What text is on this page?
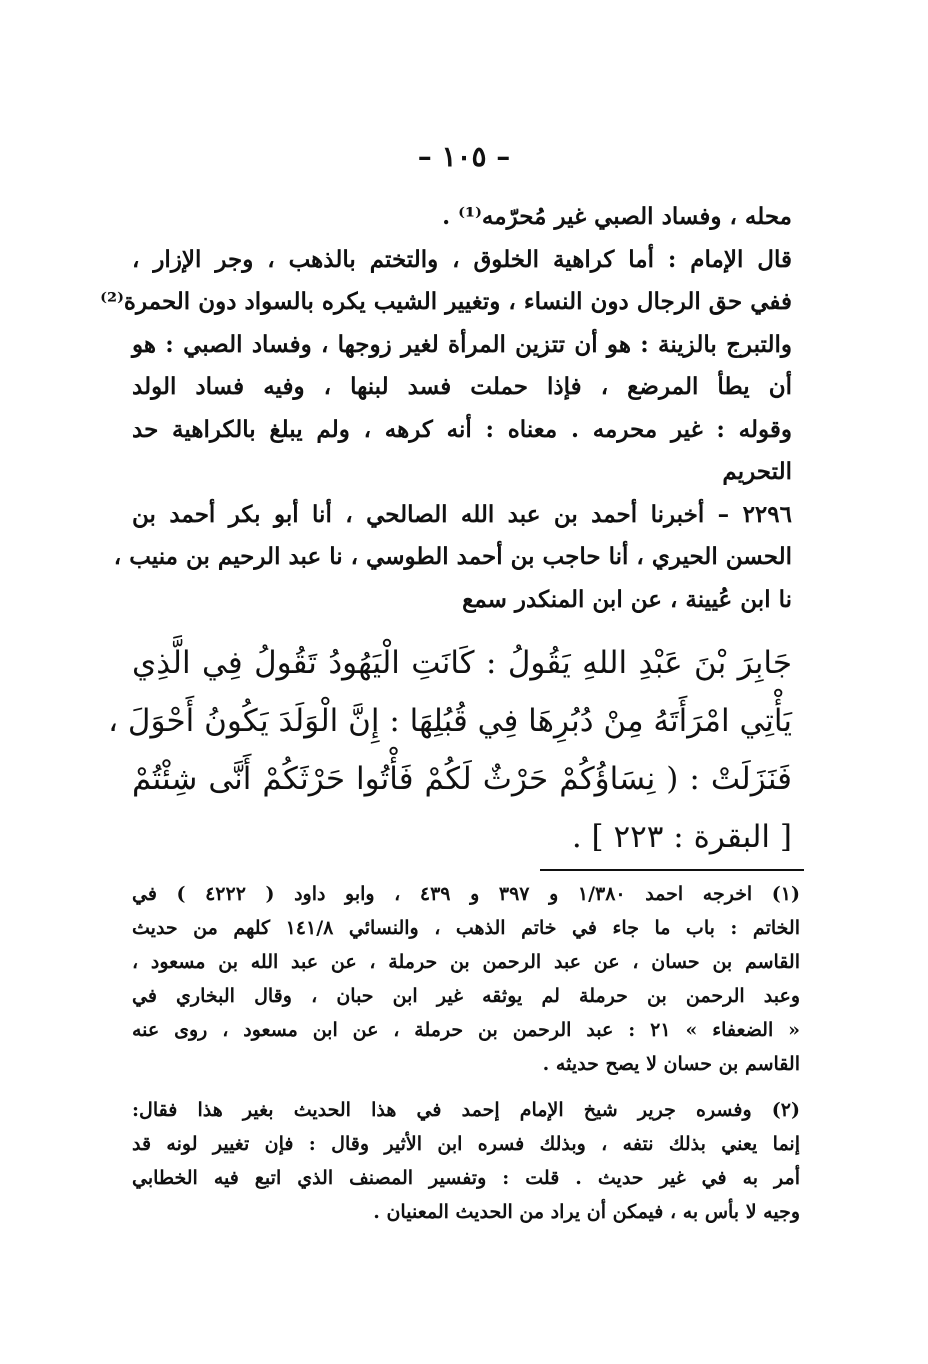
– ١٠٥ –
محله ، وفساد الصبي غير مُحرّمه⁽¹⁾ .
قال الإمام : أما كراهية الخلوق ، والتختم بالذهب ، وجر الإزار ،
ففي حق الرجال دون النساء ، وتغيير الشيب يكره بالسواد دون الحمرة⁽²⁾
والتبرج بالزينة : هو أن تتزين المرأة لغير زوجها ، وفساد الصبي : هو
أن يطأ المرضع ، فإذا حملت فسد لبنها ، وفيه فساد الولد
وقوله : غير محرمه . معناه : أنه كرهه ، ولم يبلغ بالكراهية حد
التحريم
٢٢٩٦ – أخبرنا أحمد بن عبد الله الصالحي ، أنا أبو بكر أحمد بن
الحسن الحيري ، أنا حاجب بن أحمد الطوسي ، نا عبد الرحيم بن منيب ،
نا ابن عُيينة ، عن ابن المنكدر سمع
جَابِرَ بْنَ عَبْدِ اللهِ يَقُولُ : كَانَتِ الْيَهُودُ تَقُولُ فِي الَّذِي
يَأْتِي امْرَأَتَهُ مِنْ دُبُرِهَا فِي قُبُلِهَا : إِنَّ الْوَلَدَ يَكُونُ أَحْوَلَ ،
فَنَزَلَتْ : ( نِسَاؤُكُمْ حَرْثٌ لَكُمْ فَأْتُوا حَرْثَكُمْ أَنَّى شِئْتُمْ
[ البقرة : ٢٢٣ ] .
(١) اخرجه احمد ١/٣٨٠ و ٣٩٧ و ٤٣٩ ، وابو داود ( ٤٢٢٢ ) في
الخاتم : باب ما جاء في خاتم الذهب ، والنسائي ١٤١/٨ كلهم من حديث
القاسم بن حسان ، عن عبد الرحمن بن حرملة ، عن عبد الله بن مسعود ،
وعبد الرحمن بن حرملة لم يوثقه غير ابن حبان ، وقال البخاري في
« الضعفاء » ٢١ : عبد الرحمن بن حرملة ، عن ابن مسعود ، روى عنه
القاسم بن حسان لا يصح حديثه .
(٢) وفسره جرير شيخ الإمام إحمد في هذا الحديث بغير هذا فقال:
إنما يعني بذلك نتفه ، وبذلك فسره ابن الأثير وقال : فإن تغيير لونه قد
أمر به في غير حديث . قلت : وتفسير المصنف الذي اتبع فيه الخطابي
وجيه لا بأس به ، فيمكن أن يراد من الحديث المعنيان .
